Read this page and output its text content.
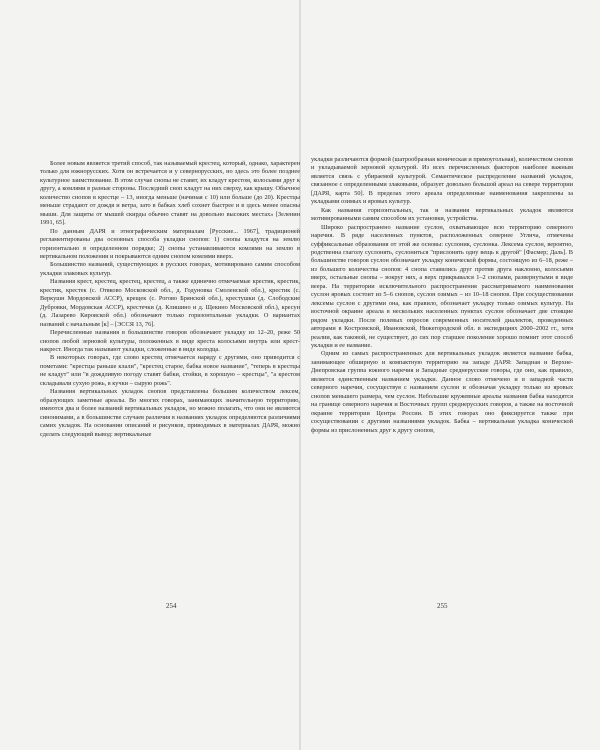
Более новым является третий способ, так называемый крестец, который, однако, характерен только для южнорусских. Хотя он встречается и у северноруcских, но здесь это более позднее культурное заимствование. В этом случае снопы не ставят, их кладут крестом, колосьями друг к другу, а комлями в разные стороны. Последний сноп кладут на них сверху, как крышу. Обычное количество снопов в крестце – 13, иногда меньше (начиная с 10) или больше (до 20). Крестцы меньше страдают от дождя и ветра, зато в бабках хлеб сохнет быстрее и в здесь менее опасны мыши. Для защиты от мышей скирды обычно ставят на довольно высоких местах» [Зеленин 1991, 65].

По данным ДАРЯ и этнографическим материалам [Русские... 1967], традиционей регламентированы два основных способа укладки снопов: 1) снопы кладутся на землю горизонтально в определенном порядке; 2) снопы устанавливаются комлями на землю в вертикальном положении и покрываются одним снопом комлями вверх.

Большинство названий, существующих в русских говорах, мотивировано самим способом укладки злаковых культур.

Названия крест, крестец, крестец, крестец, а также единично отмечаемые крестик, крестик, крестик, крестек (с. Отяково Московской обл., д. Годуновка Смоленской обл.), крестик (с. Веркушн Мордовской АССР), крещек (с. Рогово Брянской обл.), крестушки (д. Слободские Дубровки, Мордовская АССР), крестечки (д. Клишино и д. Щекино Московской обл.), кресун (д. Лазарево Кировской обл.) обозначают только горизонтальные укладки. О вариантах названий с начальным [к] – [ЭССЯ 13, 76].

Перечисленные названия в большинстве говоров обозначают укладку из 12–20, реже 50 снопов любой зерновой культуры, положенных в виде креста колосьями внутрь или крест-накрест. Иногда так называют укладки, сложенные в виде колодца.

В некоторых говорах, где слово крестец отмечается наряду с другими, оно приводится с пометами: "крестцы раньше клали", "крестец старое, бабка новое название", "теперь в крестцы не кладут" или "в дождливую погоду ставят бабки, стойки, в хорошую – крестцы", "а крестом складывали сухую рожь, в кучки – сырую рожь".

Названия вертикальных укладок снопов представлены большим количеством лексем, образующих заметные ареалы. Во многих говорах, занимающих значительную территорию, имеются два и более названий вертикальных укладок, но можно полагать, что они не являются синонимами, а в большинстве случаев различия в названиях укладок определяются различиями самих укладок. На основании описаний и рисунков, приводимых в материалах ДАРЯ, можно сделать следующий вывод: вертикальные

254

укладки различаются формой (шатрообразная коническая и прямоугольная), количеством снопов и укладываемой зерновой культурой. Из всех перечисленных факторов наиболее важным является связь с убираемой культурой. Семантическое распределение названий укладок, связанное с определенными злаковыми, образует довольно большой ареал на севере территории [ДАРЯ, карта 50]. В пределах этого ареала определенные наименования закреплены за укладками озимых и яровых культур.

Как названия горизонтальных, так и названия вертикальных укладок являются мотивированными самим способом их установки, устройства.

Широко распространено название суслон, охватывающее всю территорию северного наречия. В ряде населенных пунктов, расположенных севернее Углича, отмечены суффиксальные образования от этой же основы: суслоник, суслонка. Лексема суслон, вероятно, родственна глаголу суслонять, суслониться "прислонять одну вещь к другой" [Фасмер; Даль]. В большинстве говоров суслон обозначает укладку конической формы, состоящую из 6–18, реже – из большего количества снопов: 4 снопа ставились друг против друга наклонно, колосьями вверх, остальные снопы – вокруг них, а верх прикрывался 1–2 снопами, развернутыми в виде веера. На территории исключительного распространения рассматриваемого наименования суслон яровых состоит из 5–6 снопов, суслон озимых – из 10–18 снопов. При сосуществовании лексемы суслон с другими она, как правило, обозначает укладку только озимых культур. На восточной окраине ареала в нескольких населенных пунктах суслон обозначает две стоящие рядом укладки. После полевых опросов современных носителей диалектов, проведенных авторами в Костромской, Ивановской, Нижегородской обл. в экспедициях 2000–2002 гг., хотя реалии, как таковой, не существует, до сих пор старшее поколение хорошо помнит этот способ укладки и ее название.

Одним из самых распространенных для вертикальных укладок является название бабка, занимающее обширную и компактную территорию на западе ДАРЯ: Западная и Верхне-Днепровская группа южного наречия и Западные среднерусские говоры, где оно, как правило, является единственным названием укладки. Данное слово отмечено и в западной части северного наречия, сосуществуя с названием суслон и обозначая укладку только из яровых снопов меньшего размера, чем суслон. Небольшие кружевные ареалы названия бабка находятся на границе северного наречия и Восточных групп среднерусских говоров, а также на восточной окраине территории Центра России. В этих говорах оно фиксируется также при сосуществовании с другими названиями укладок. Бабка – вертикальная укладка конической формы из прислоненных друг к другу снопов,

255
